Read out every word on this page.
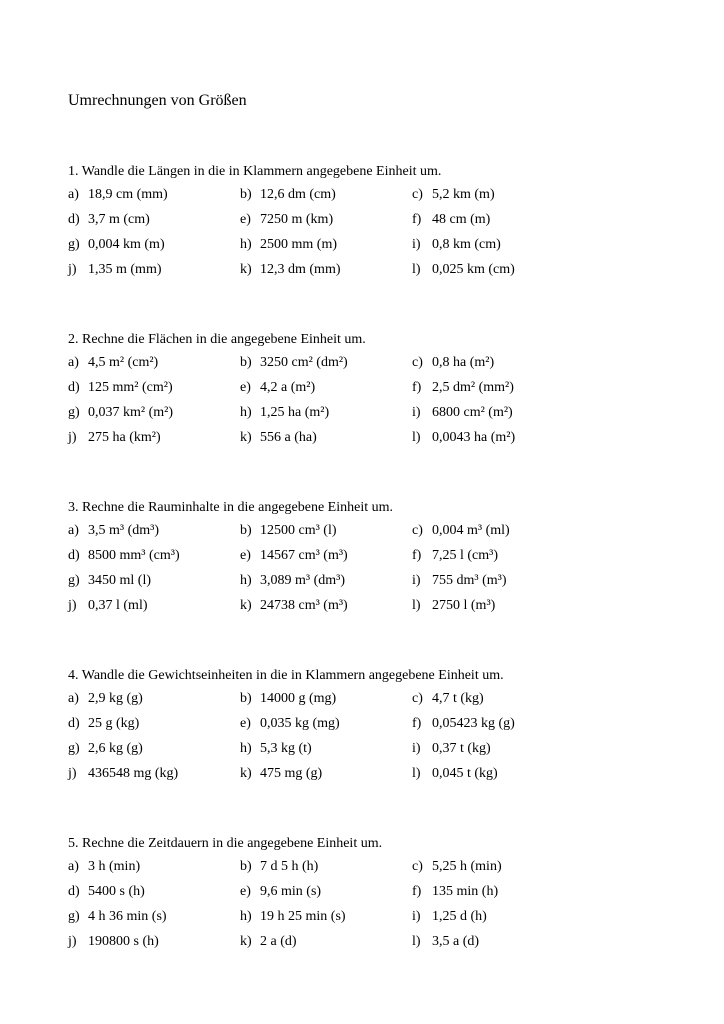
Umrechnungen von Größen
1. Wandle die Längen in die in Klammern angegebene Einheit um.
a) 18,9 cm (mm)	b) 12,6 dm (cm)	c) 5,2 km (m)
d) 3,7 m (cm)	e) 7250 m (km)	f) 48 cm (m)
g) 0,004 km (m)	h) 2500 mm (m)	i) 0,8 km (cm)
j) 1,35 m (mm)	k) 12,3 dm (mm)	l) 0,025 km (cm)
2. Rechne die Flächen in die angegebene Einheit um.
a) 4,5 m² (cm²)	b) 3250 cm² (dm²)	c) 0,8 ha (m²)
d) 125 mm² (cm²)	e) 4,2 a (m²)	f) 2,5 dm² (mm²)
g) 0,037 km² (m²)	h) 1,25 ha (m²)	i) 6800 cm² (m²)
j) 275 ha (km²)	k) 556 a (ha)	l) 0,0043 ha (m²)
3. Rechne die Rauminhalte in die angegebene Einheit um.
a) 3,5 m³ (dm³)	b) 12500 cm³ (l)	c) 0,004 m³ (ml)
d) 8500 mm³ (cm³)	e) 14567 cm³ (m³)	f) 7,25 l (cm³)
g) 3450 ml (l)	h) 3,089 m³ (dm³)	i) 755 dm³ (m³)
j) 0,37 l (ml)	k) 24738 cm³ (m³)	l) 2750 l (m³)
4. Wandle die Gewichtseinheiten in die in Klammern angegebene Einheit um.
a) 2,9 kg (g)	b) 14000 g (mg)	c) 4,7 t (kg)
d) 25 g (kg)	e) 0,035 kg (mg)	f) 0,05423 kg (g)
g) 2,6 kg (g)	h) 5,3 kg (t)	i) 0,37 t (kg)
j) 436548 mg (kg)	k) 475 mg (g)	l) 0,045 t (kg)
5. Rechne die Zeitdauern in die angegebene Einheit um.
a) 3 h (min)	b) 7 d 5 h (h)	c) 5,25 h (min)
d) 5400 s (h)	e) 9,6 min (s)	f) 135 min (h)
g) 4 h 36 min (s)	h) 19 h 25 min (s)	i) 1,25 d (h)
j) 190800 s (h)	k) 2 a (d)	l) 3,5 a (d)
